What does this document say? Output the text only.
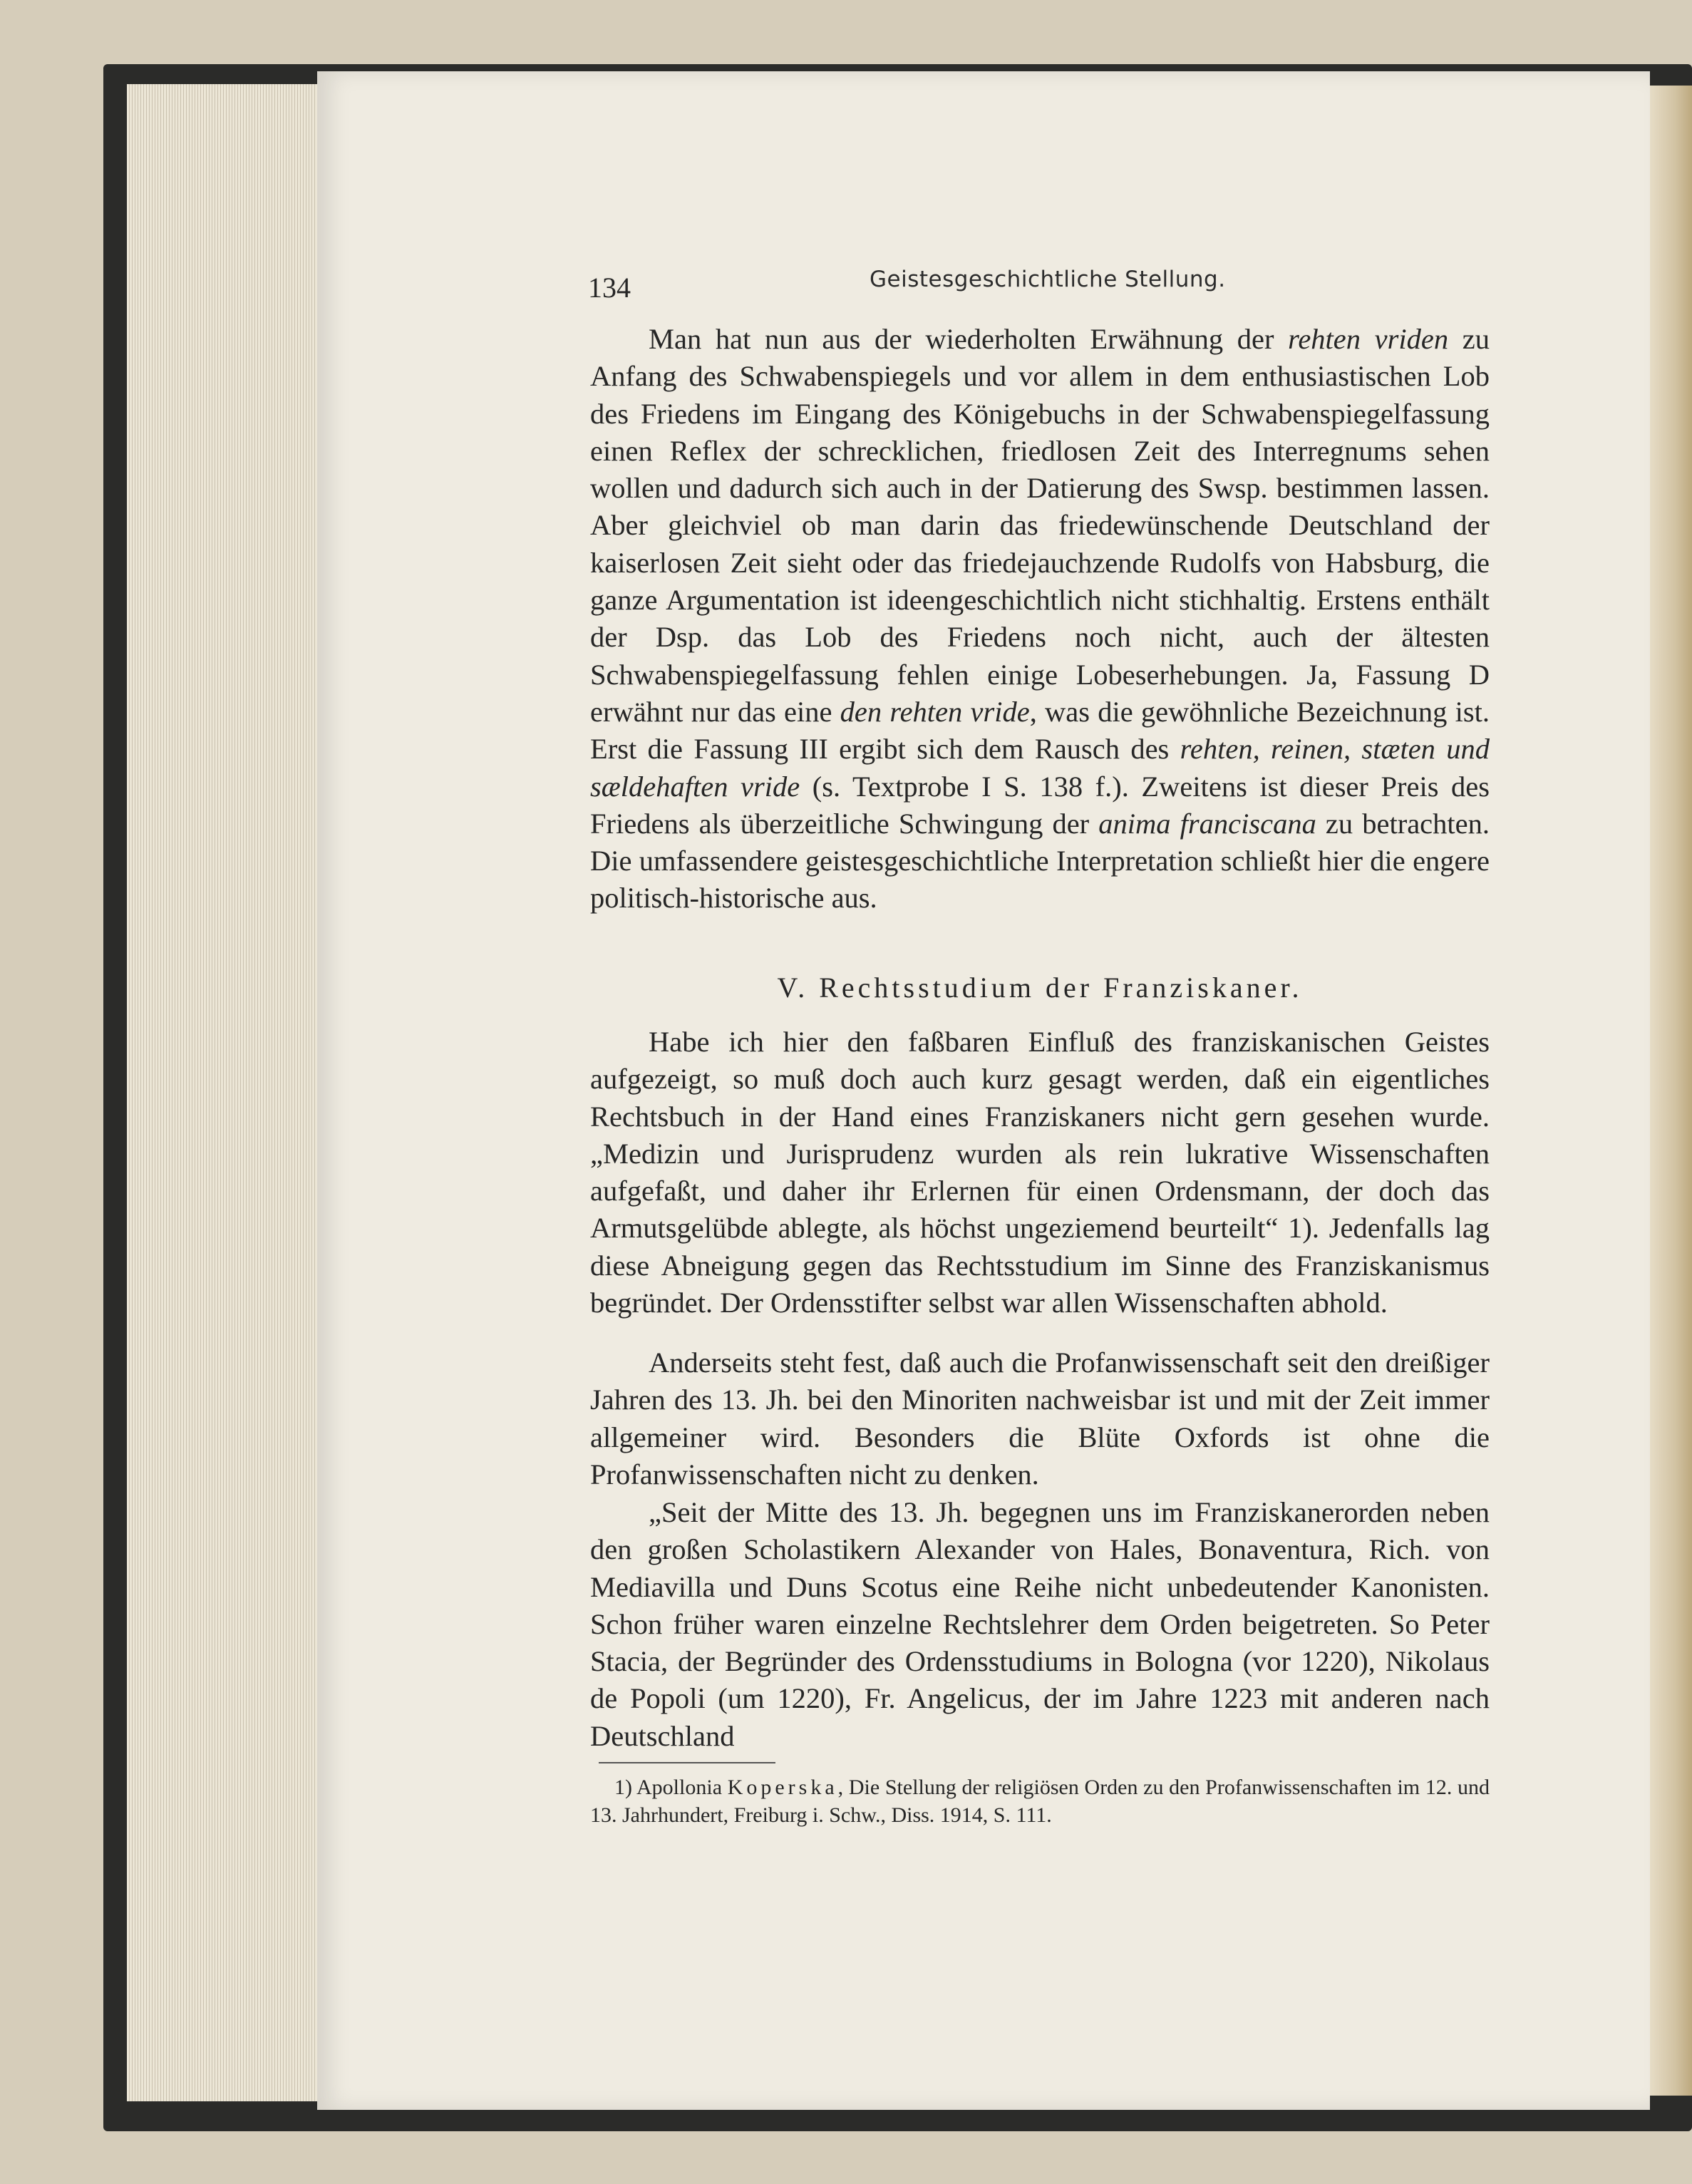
134	Geistesgeschichtliche Stellung.

Man hat nun aus der wiederholten Erwähnung der rehten vriden zu Anfang des Schwabenspiegels und vor allem in dem enthusiastischen Lob des Friedens im Eingang des Königebuchs in der Schwabenspiegelfassung einen Reflex der schrecklichen, friedlosen Zeit des Interregnums sehen wollen und dadurch sich auch in der Datierung des Swsp. bestimmen lassen. Aber gleichviel ob man darin das friedewünschende Deutschland der kaiserlosen Zeit sieht oder das friedejauchzende Rudolfs von Habsburg, die ganze Argumentation ist ideengeschichtlich nicht stichhaltig. Erstens enthält der Dsp. das Lob des Friedens noch nicht, auch der ältesten Schwabenspiegelfassung fehlen einige Lobeserhebungen. Ja, Fassung D erwähnt nur das eine den rehten vride, was die gewöhnliche Bezeichnung ist. Erst die Fassung III ergibt sich dem Rausch des rehten, reinen, stæten und sældehaften vride (s. Textprobe I S. 138 f.). Zweitens ist dieser Preis des Friedens als überzeitliche Schwingung der anima franciscana zu betrachten. Die umfassendere geistesgeschichtliche Interpretation schließt hier die engere politisch-historische aus.

V. Rechtsstudium der Franziskaner.

Habe ich hier den faßbaren Einfluß des franziskanischen Geistes aufgezeigt, so muß doch auch kurz gesagt werden, daß ein eigentliches Rechtsbuch in der Hand eines Franziskaners nicht gern gesehen wurde. „Medizin und Jurisprudenz wurden als rein lukrative Wissenschaften aufgefaßt, und daher ihr Erlernen für einen Ordensmann, der doch das Armutsgelübde ablegte, als höchst ungeziemend beurteilt“ 1). Jedenfalls lag diese Abneigung gegen das Rechtsstudium im Sinne des Franziskanismus begründet. Der Ordensstifter selbst war allen Wissenschaften abhold.

Anderseits steht fest, daß auch die Profanwissenschaft seit den dreißiger Jahren des 13. Jh. bei den Minoriten nachweisbar ist und mit der Zeit immer allgemeiner wird. Besonders die Blüte Oxfords ist ohne die Profanwissenschaften nicht zu denken.

„Seit der Mitte des 13. Jh. begegnen uns im Franziskanerorden neben den großen Scholastikern Alexander von Hales, Bonaventura, Rich. von Mediavilla und Duns Scotus eine Reihe nicht unbedeutender Kanonisten. Schon früher waren einzelne Rechtslehrer dem Orden beigetreten. So Peter Stacia, der Begründer des Ordensstudiums in Bologna (vor 1220), Nikolaus de Popoli (um 1220), Fr. Angelicus, der im Jahre 1223 mit anderen nach Deutschland

1) Apollonia Koperska, Die Stellung der religiösen Orden zu den Profanwissenschaften im 12. und 13. Jahrhundert, Freiburg i. Schw., Diss. 1914, S. 111.
